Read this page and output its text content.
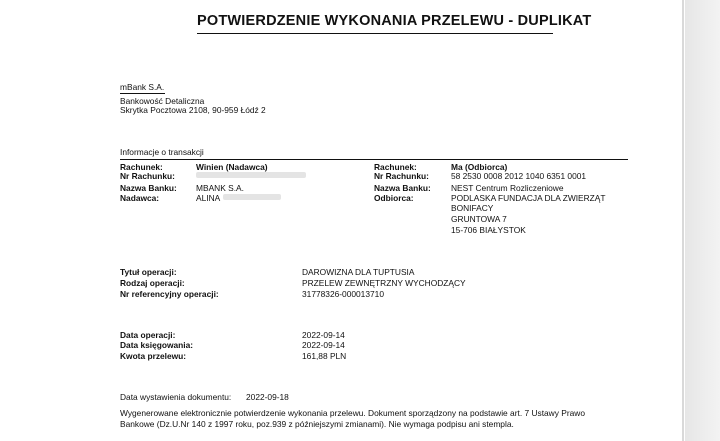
POTWIERDZENIE WYKONANIA PRZELEWU - DUPLIKAT
mBank S.A.
Bankowość Detaliczna
Skrytka Pocztowa 2108, 90-959 Łódź 2
Informacje o transakcji
Rachunek:	Winien (Nadawca)
Nr Rachunku:
Nazwa Banku: MBANK S.A.
Nadawca:	ALINA
Rachunek:	Ma (Odbiorca)
Nr Rachunku:	58 2530 0008 2012 1040 6351 0001
Nazwa Banku: NEST Centrum Rozliczeniowe
Odbiorca:	PODLASKA FUNDACJA DLA ZWIERZĄT
BONIFACY
GRUNTOWA 7
15-706 BIAŁYSTOK
Tytuł operacji:	DAROWIZNA DLA TUPTUSIA
Rodzaj operacji:	PRZELEW ZEWNĘTRZNY WYCHODZĄCY
Nr referencyjny operacji:	31778326-000013710
Data operacji:	2022-09-14
Data księgowania:	2022-09-14
Kwota przelewu:	161,88 PLN
Data wystawienia dokumentu: 2022-09-18
Wygenerowane elektronicznie potwierdzenie wykonania przelewu. Dokument sporządzony na podstawie art. 7 Ustawy Prawo
Bankowe (Dz.U.Nr 140 z 1997 roku, poz.939 z późniejszymi zmianami). Nie wymaga podpisu ani stempla.
